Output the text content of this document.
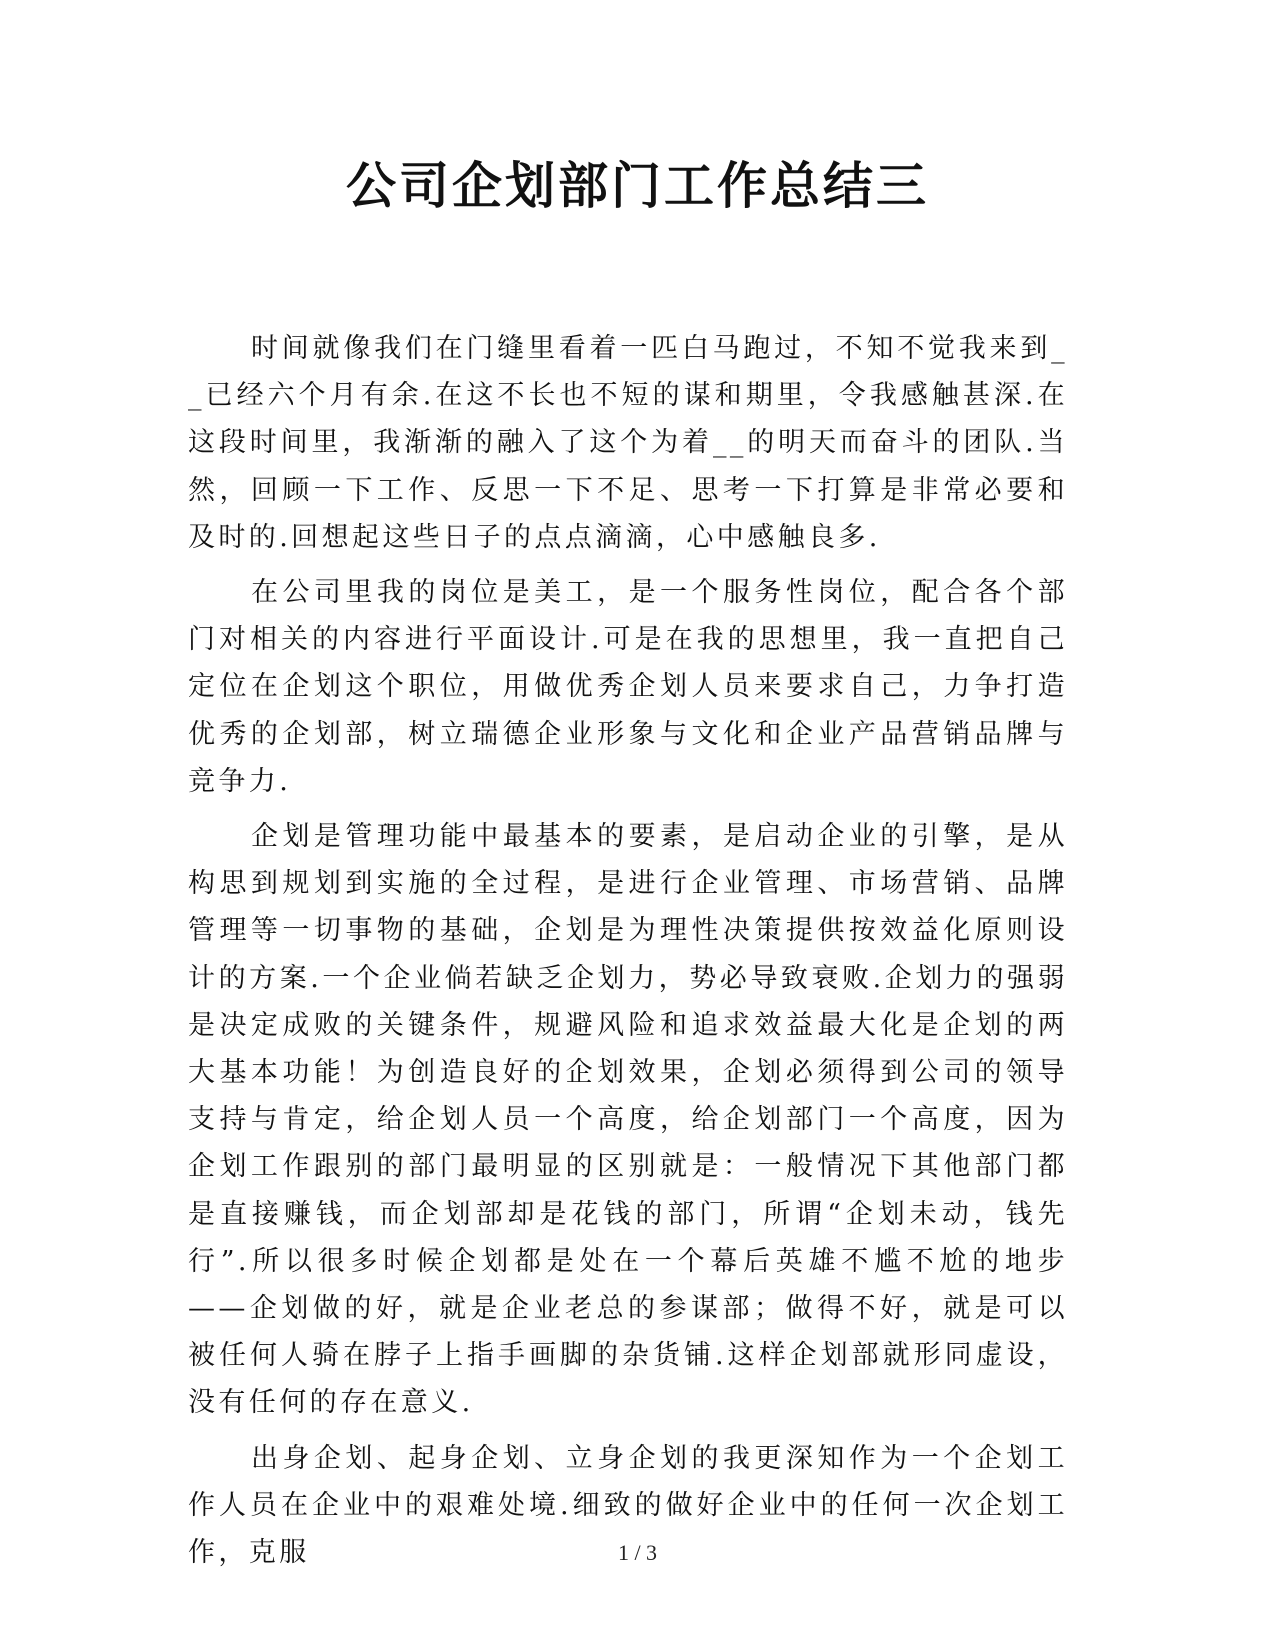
公司企划部门工作总结三

时间就像我们在门缝里看着一匹白马跑过，不知不觉我来到__已经六个月有余.在这不长也不短的谋和期里，令我感触甚深.在这段时间里，我渐渐的融入了这个为着__的明天而奋斗的团队.当然，回顾一下工作、反思一下不足、思考一下打算是非常必要和及时的.回想起这些日子的点点滴滴，心中感触良多.

在公司里我的岗位是美工，是一个服务性岗位，配合各个部门对相关的内容进行平面设计.可是在我的思想里，我一直把自己定位在企划这个职位，用做优秀企划人员来要求自己，力争打造优秀的企划部，树立瑞德企业形象与文化和企业产品营销品牌与竞争力.

企划是管理功能中最基本的要素，是启动企业的引擎，是从构思到规划到实施的全过程，是进行企业管理、市场营销、品牌管理等一切事物的基础，企划是为理性决策提供按效益化原则设计的方案.一个企业倘若缺乏企划力，势必导致衰败.企划力的强弱是决定成败的关键条件，规避风险和追求效益最大化是企划的两大基本功能！为创造良好的企划效果，企划必须得到公司的领导支持与肯定，给企划人员一个高度，给企划部门一个高度，因为企划工作跟别的部门最明显的区别就是：一般情况下其他部门都是直接赚钱，而企划部却是花钱的部门，所谓“企划未动，钱先行”.所以很多时候企划都是处在一个幕后英雄不尴不尬的地步——企划做的好，就是企业老总的参谋部；做得不好，就是可以被任何人骑在脖子上指手画脚的杂货铺.这样企划部就形同虚设，没有任何的存在意义.

出身企划、起身企划、立身企划的我更深知作为一个企划工作人员在企业中的艰难处境.细致的做好企业中的任何一次企划工作，克服	1 / 3
